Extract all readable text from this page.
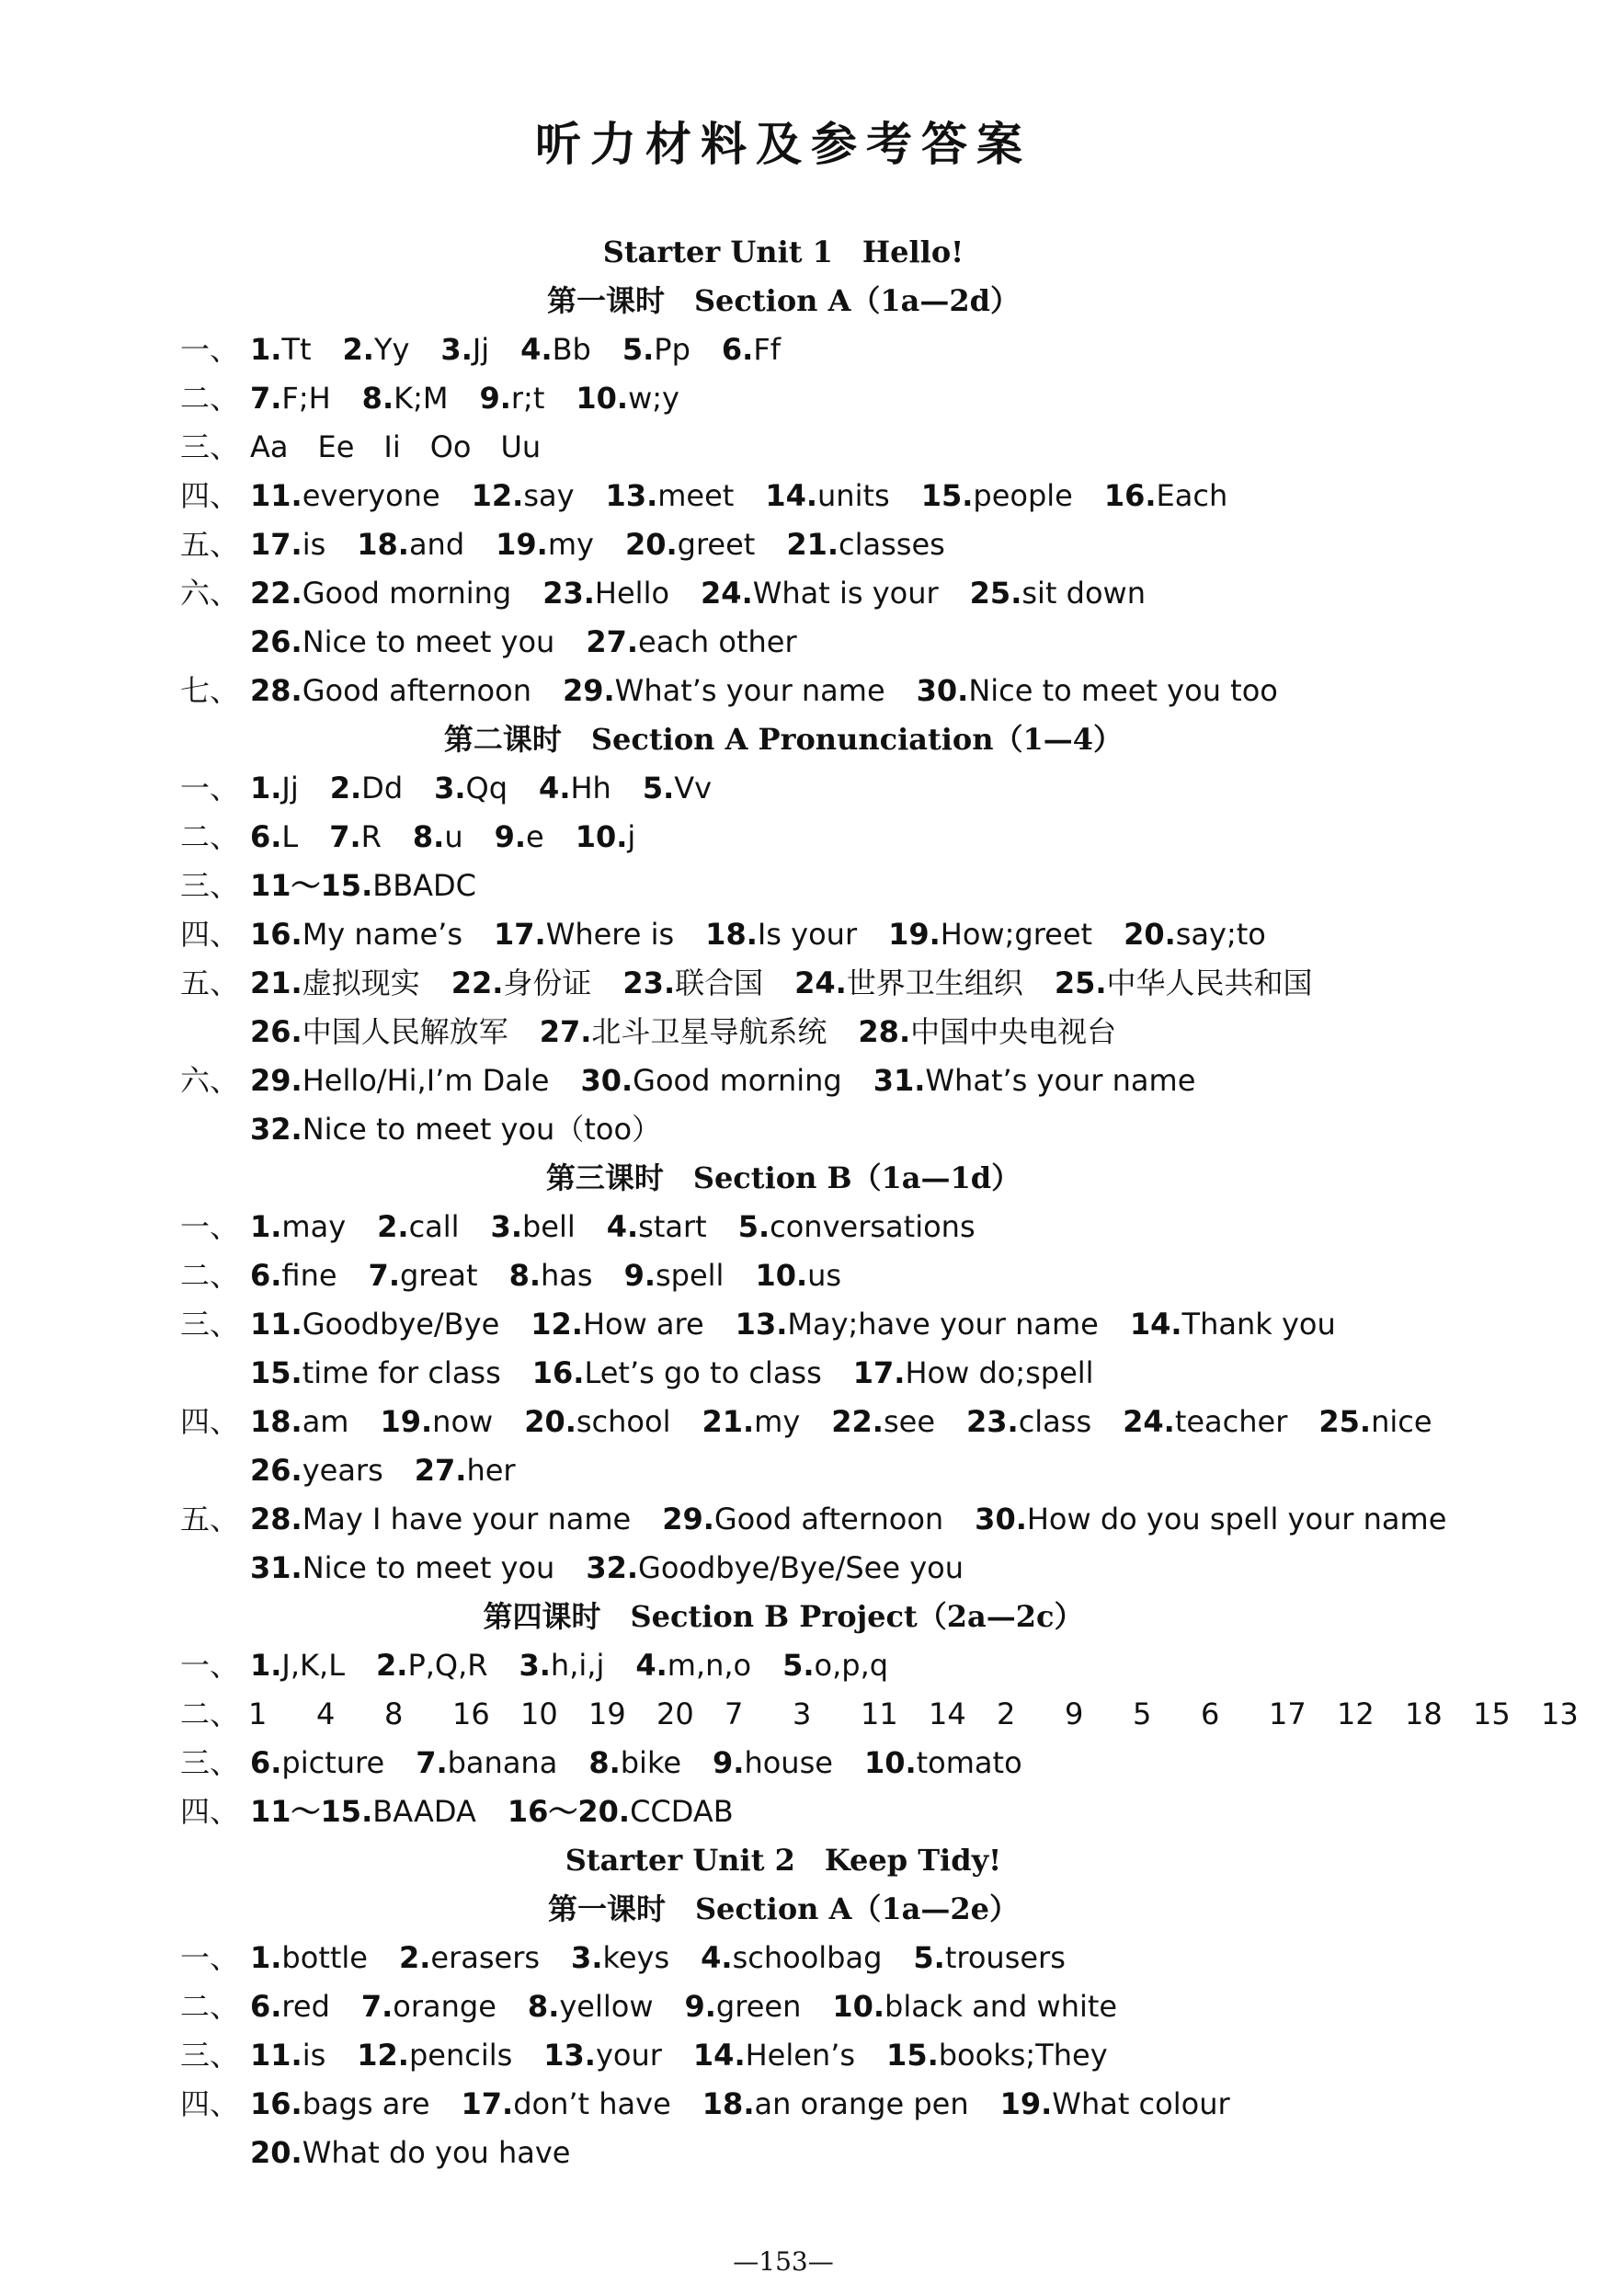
听力材料及参考答案
Starter Unit 1　Hello!
第一课时　Section A（1a—2d）
一、 1.Tt 2.Yy 3.Jj 4.Bb 5.Pp 6.Ff
二、 7.F;H 8.K;M 9.r;t 10.w;y
三、 Aa　Ee　Ii　Oo　Uu
四、 11.everyone 12.say 13.meet 14.units 15.people 16.Each
五、 17.is 18.and 19.my 20.greet 21.classes
六、 22.Good morning 23.Hello 24.What is your 25.sit down
26.Nice to meet you 27.each other
七、 28.Good afternoon 29.What’s your name 30.Nice to meet you too
第二课时　Section A Pronunciation（1—4）
一、 1.Jj 2.Dd 3.Qq 4.Hh 5.Vv
二、 6.L 7.R 8.u 9.e 10.j
三、 11～15.BBADC
四、 16.My name’s 17.Where is 18.Is your 19.How;greet 20.say;to
五、 21.虚拟现实 22.身份证 23.联合国 24.世界卫生组织 25.中华人民共和国
26.中国人民解放军 27.北斗卫星导航系统 28.中国中央电视台
六、 29.Hello/Hi,I’m Dale 30.Good morning 31.What’s your name
32.Nice to meet you（too）
第三课时　Section B（1a—1d）
一、 1.may 2.call 3.bell 4.start 5.conversations
二、 6.fine 7.great 8.has 9.spell 10.us
三、 11.Goodbye/Bye 12.How are 13.May;have your name 14.Thank you
15.time for class 16.Let’s go to class 17.How do;spell
四、 18.am 19.now 20.school 21.my 22.see 23.class 24.teacher 25.nice
26.years 27.her
五、 28.May I have your name 29.Good afternoon 30.How do you spell your name
31.Nice to meet you 32.Goodbye/Bye/See you
第四课时　Section B Project（2a—2c）
一、 1.J,K,L 2.P,Q,R 3.h,i,j 4.m,n,o 5.o,p,q
二、 1 4 8 16 10 19 20 7 3 11 14 2 9 5 6 17 12 18 15 13
三、 6.picture 7.banana 8.bike 9.house 10.tomato
四、 11～15.BAADA 16～20.CCDAB
Starter Unit 2　Keep Tidy!
第一课时　Section A（1a—2e）
一、 1.bottle 2.erasers 3.keys 4.schoolbag 5.trousers
二、 6.red 7.orange 8.yellow 9.green 10.black and white
三、 11.is 12.pencils 13.your 14.Helen’s 15.books;They
四、 16.bags are 17.don’t have 18.an orange pen 19.What colour
20.What do you have
—153—
